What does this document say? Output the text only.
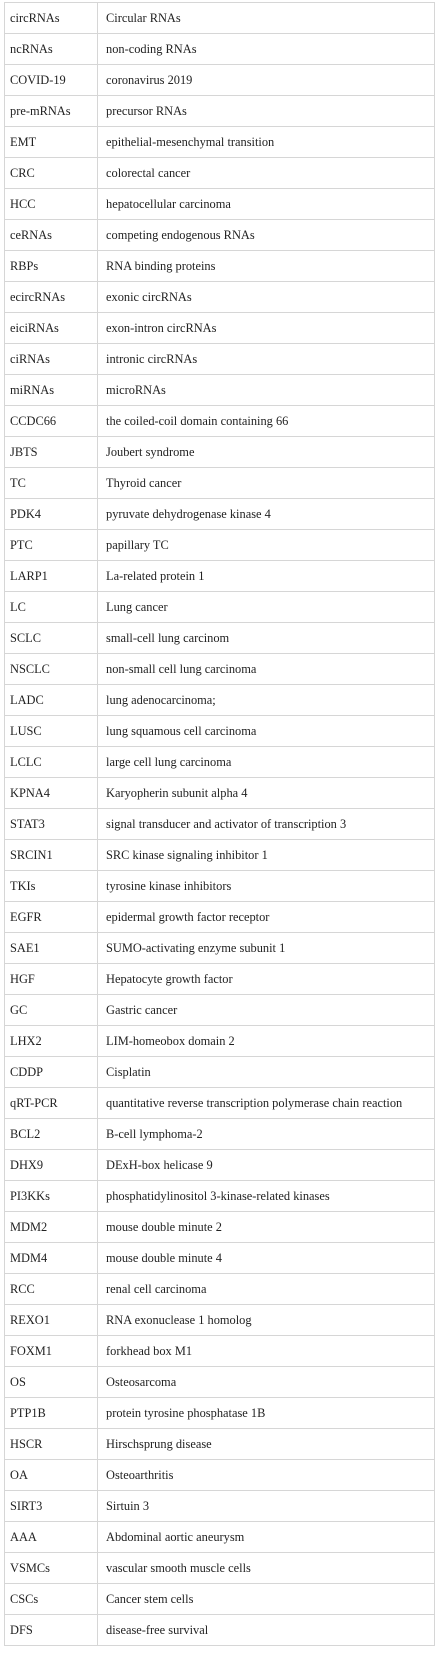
circRNAs	Circular RNAs
ncRNAs	non-coding RNAs
COVID-19	coronavirus 2019
pre-mRNAs	precursor RNAs
EMT	epithelial-mesenchymal transition
CRC	colorectal cancer
HCC	hepatocellular carcinoma
ceRNAs	competing endogenous RNAs
RBPs	RNA binding proteins
ecircRNAs	exonic circRNAs
eiciRNAs	exon-intron circRNAs
ciRNAs	intronic circRNAs
miRNAs	microRNAs
CCDC66	the coiled-coil domain containing 66
JBTS	Joubert syndrome
TC	Thyroid cancer
PDK4	pyruvate dehydrogenase kinase 4
PTC	papillary TC
LARP1	La-related protein 1
LC	Lung cancer
SCLC	small-cell lung carcinom
NSCLC	non-small cell lung carcinoma
LADC	lung adenocarcinoma;
LUSC	lung squamous cell carcinoma
LCLC	large cell lung carcinoma
KPNA4	Karyopherin subunit alpha 4
STAT3	signal transducer and activator of transcription 3
SRCIN1	SRC kinase signaling inhibitor 1
TKIs	tyrosine kinase inhibitors
EGFR	epidermal growth factor receptor
SAE1	SUMO-activating enzyme subunit 1
HGF	Hepatocyte growth factor
GC	Gastric cancer
LHX2	LIM-homeobox domain 2
CDDP	Cisplatin
qRT-PCR	quantitative reverse transcription polymerase chain reaction
BCL2	B-cell lymphoma-2
DHX9	DExH-box helicase 9
PI3KKs	phosphatidylinositol 3-kinase-related kinases
MDM2	mouse double minute 2
MDM4	mouse double minute 4
RCC	renal cell carcinoma
REXO1	RNA exonuclease 1 homolog
FOXM1	forkhead box M1
OS	Osteosarcoma
PTP1B	protein tyrosine phosphatase 1B
HSCR	Hirschsprung disease
OA	Osteoarthritis
SIRT3	Sirtuin 3
AAA	Abdominal aortic aneurysm
VSMCs	vascular smooth muscle cells
CSCs	Cancer stem cells
DFS	disease-free survival
